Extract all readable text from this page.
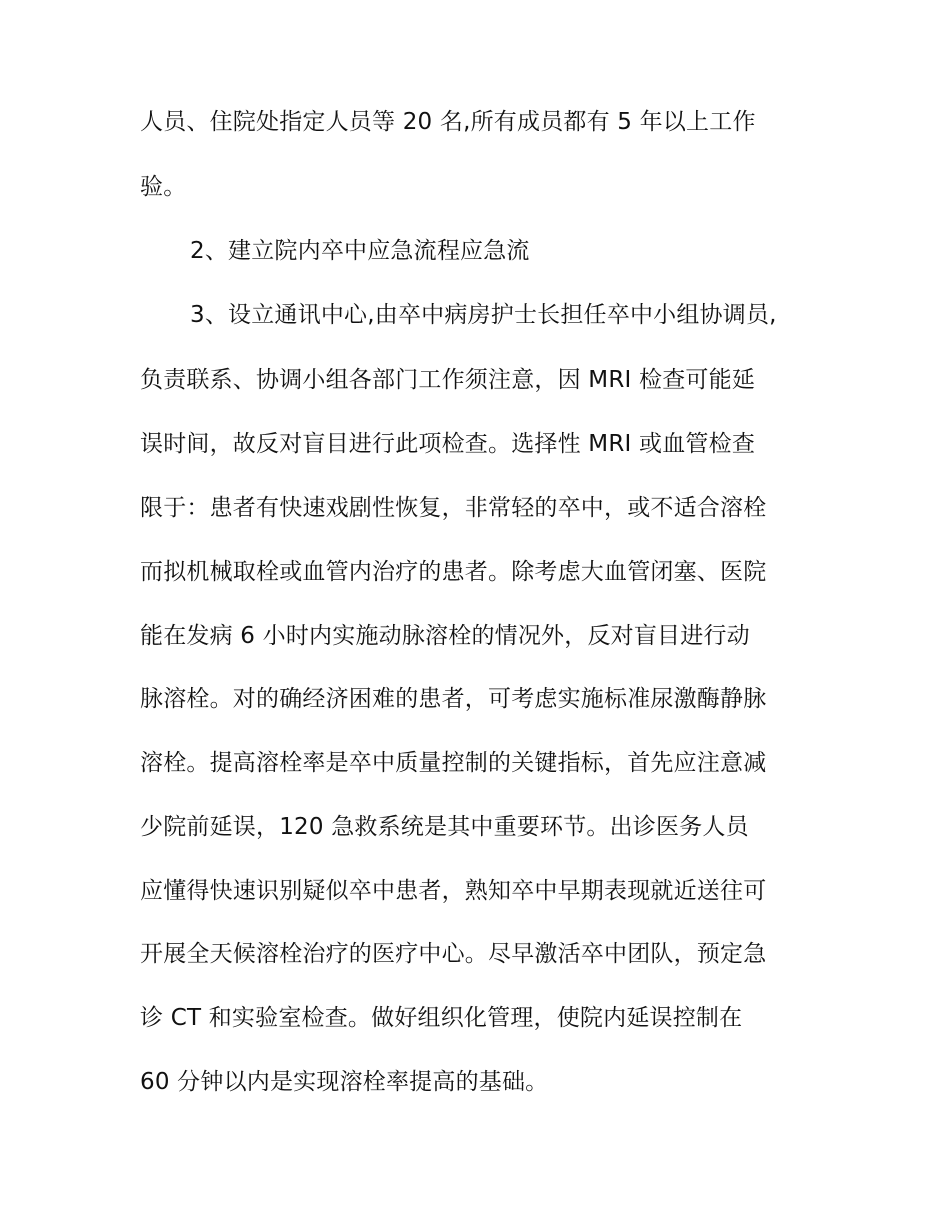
人员、住院处指定人员等 20 名,所有成员都有 5 年以上工作
验。
2、建立院内卒中应急流程应急流
3、设立通讯中心,由卒中病房护士长担任卒中小组协调员,
负责联系、协调小组各部门工作须注意，因 MRI 检查可能延
误时间，故反对盲目进行此项检查。选择性 MRI 或血管检查
限于：患者有快速戏剧性恢复，非常轻的卒中，或不适合溶栓
而拟机械取栓或血管内治疗的患者。除考虑大血管闭塞、医院
能在发病 6 小时内实施动脉溶栓的情况外，反对盲目进行动
脉溶栓。对的确经济困难的患者，可考虑实施标准尿激酶静脉
溶栓。提高溶栓率是卒中质量控制的关键指标，首先应注意减
少院前延误，120 急救系统是其中重要环节。出诊医务人员
应懂得快速识别疑似卒中患者，熟知卒中早期表现就近送往可
开展全天候溶栓治疗的医疗中心。尽早激活卒中团队，预定急
诊 CT 和实验室检查。做好组织化管理，使院内延误控制在
60 分钟以内是实现溶栓率提高的基础。
